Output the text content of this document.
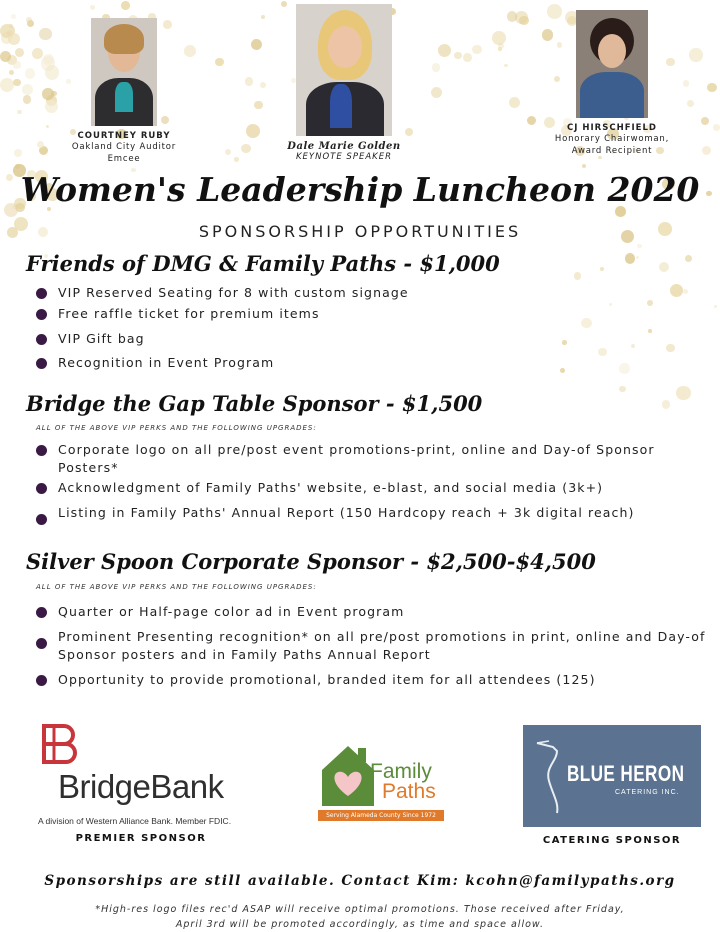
COURTNEY RUBY
Oakland City Auditor
Emcee
Dale Marie Golden
KEYNOTE SPEAKER
CJ HIRSCHFIELD
Honorary Chairwoman,
Award Recipient
Women's Leadership Luncheon 2020
SPONSORSHIP OPPORTUNITIES
Friends of DMG & Family Paths - $1,000
VIP Reserved Seating for 8 with custom signage
Free raffle ticket for premium items
VIP Gift bag
Recognition in Event Program
Bridge the Gap Table Sponsor - $1,500
ALL OF THE ABOVE VIP PERKS AND THE FOLLOWING UPGRADES:
Corporate logo on all pre/post event promotions-print, online and Day-of Sponsor Posters*
Acknowledgment of Family Paths' website, e-blast, and social media (3k+)
Listing in Family Paths' Annual Report (150 Hardcopy reach + 3k digital reach)
Silver Spoon Corporate Sponsor - $2,500-$4,500
ALL OF THE ABOVE VIP PERKS AND THE FOLLOWING UPGRADES:
Quarter or Half-page color ad in Event program
Prominent Presenting recognition* on all pre/post promotions in print, online and Day-of Sponsor posters and in Family Paths Annual Report
Opportunity to provide promotional, branded item for all attendees (125)
BridgeBank
A division of Western Alliance Bank. Member FDIC.
PREMIER SPONSOR
Family
Paths
Serving Alameda County Since 1972
BLUE HERON
CATERING INC.
CATERING SPONSOR
Sponsorships are still available. Contact Kim: kcohn@familypaths.org
*High-res logo files rec'd ASAP will receive optimal promotions. Those received after Friday,
April 3rd will be promoted accordingly, as time and space allow.
